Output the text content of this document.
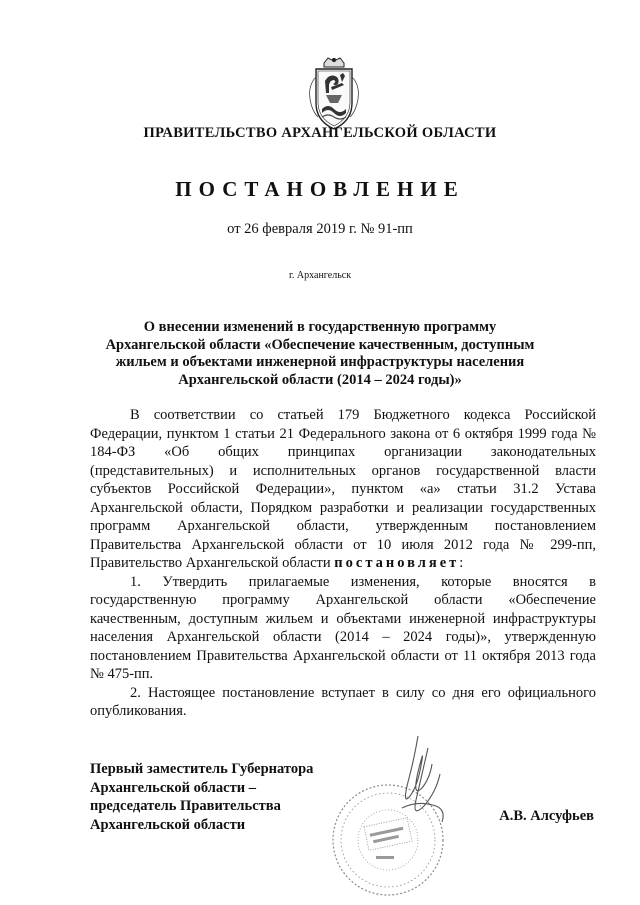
ПРАВИТЕЛЬСТВО АРХАНГЕЛЬСКОЙ ОБЛАСТИ
ПОСТАНОВЛЕНИЕ
от 26 февраля 2019 г. № 91-пп
г. Архангельск
О внесении изменений в государственную программу
Архангельской области «Обеспечение качественным, доступным
жильем и объектами инженерной инфраструктуры населения
Архангельской области (2014 – 2024 годы)»

В соответствии со статьей 179 Бюджетного кодекса Российской Федерации, пунктом 1 статьи 21 Федерального закона от 6 октября 1999 года № 184-ФЗ «Об общих принципах организации законодательных (представительных) и исполнительных органов государственной власти субъектов Российской Федерации», пунктом «а» статьи 31.2 Устава Архангельской области, Порядком разработки и реализации государственных программ Архангельской области, утвержденным постановлением Правительства Архангельской области от 10 июля 2012 года № 299-пп, Правительство Архангельской области постановляет:

1. Утвердить прилагаемые изменения, которые вносятся в государственную программу Архангельской области «Обеспечение качественным, доступным жильем и объектами инженерной инфраструктуры населения Архангельской области (2014 – 2024 годы)», утвержденную постановлением Правительства Архангельской области от 11 октября 2013 года № 475-пп.

2. Настоящее постановление вступает в силу со дня его официального опубликования.

Первый заместитель Губернатора
Архангельской области –
председатель Правительства
Архангельской области
А.В. Алсуфьев
